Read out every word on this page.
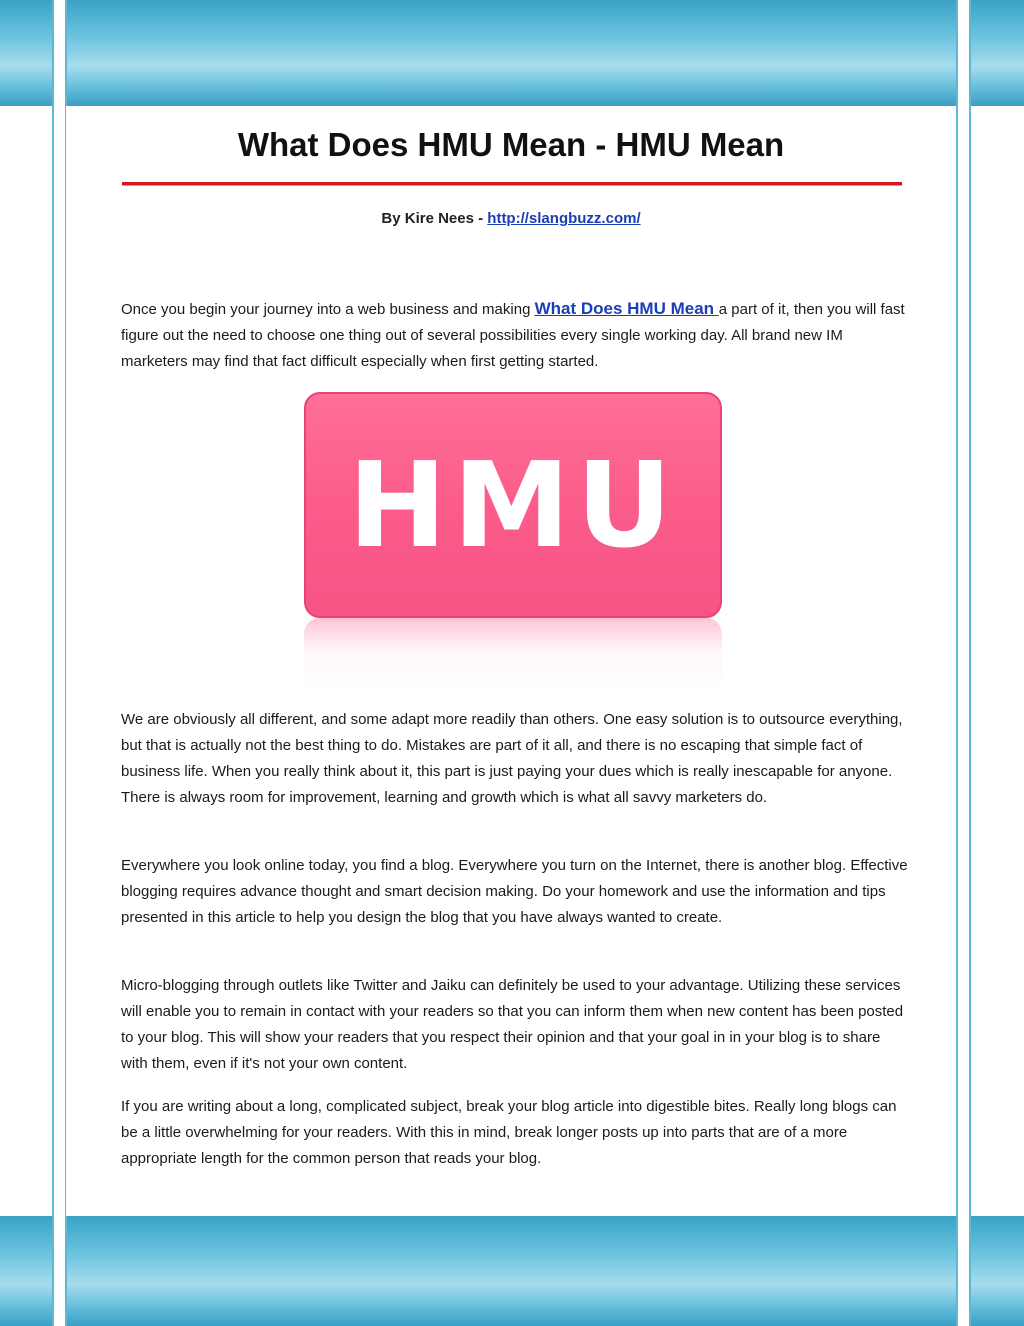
What Does HMU Mean - HMU Mean
By Kire Nees - http://slangbuzz.com/

Once you begin your journey into a web business and making What Does HMU Mean a part of it, then you will fast figure out the need to choose one thing out of several possibilities every single working day. All brand new IM marketers may find that fact difficult especially when first getting started.

HMU

We are obviously all different, and some adapt more readily than others. One easy solution is to outsource everything, but that is actually not the best thing to do. Mistakes are part of it all, and there is no escaping that simple fact of business life. When you really think about it, this part is just paying your dues which is really inescapable for anyone. There is always room for improvement, learning and growth which is what all savvy marketers do.

Everywhere you look online today, you find a blog. Everywhere you turn on the Internet, there is another blog. Effective blogging requires advance thought and smart decision making. Do your homework and use the information and tips presented in this article to help you design the blog that you have always wanted to create.

Micro-blogging through outlets like Twitter and Jaiku can definitely be used to your advantage. Utilizing these services will enable you to remain in contact with your readers so that you can inform them when new content has been posted to your blog. This will show your readers that you respect their opinion and that your goal in in your blog is to share with them, even if it's not your own content.

If you are writing about a long, complicated subject, break your blog article into digestible bites. Really long blogs can be a little overwhelming for your readers. With this in mind, break longer posts up into parts that are of a more appropriate length for the common person that reads your blog.
